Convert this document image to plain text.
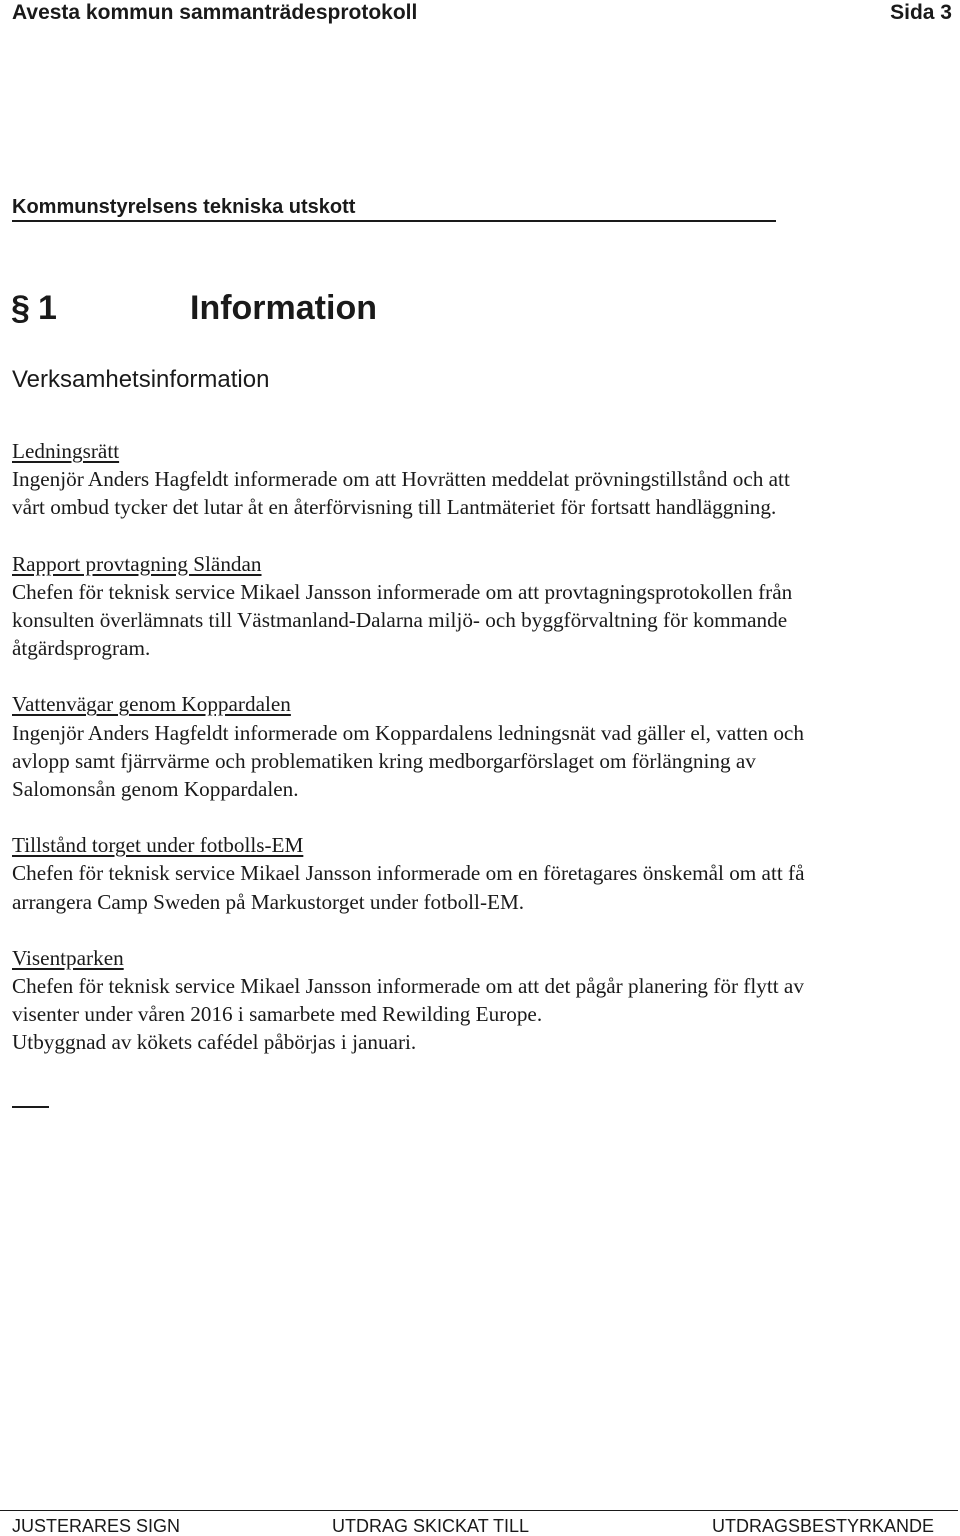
Avesta kommun sammanträdesprotokoll	Sida 3
Kommunstyrelsens tekniska utskott
§ 1	Information
Verksamhetsinformation
Ledningsrätt
Ingenjör Anders Hagfeldt informerade om att Hovrätten meddelat prövningstillstånd och att
vårt ombud tycker det lutar åt en återförvisning till Lantmäteriet för fortsatt handläggning.
Rapport provtagning Sländan
Chefen för teknisk service Mikael Jansson informerade om att provtagningsprotokollen från
konsulten överlämnats till Västmanland-Dalarna miljö- och byggförvaltning för kommande
åtgärdsprogram.
Vattenvägar genom Koppardalen
Ingenjör Anders Hagfeldt informerade om Koppardalens ledningsnät vad gäller el, vatten och
avlopp samt fjärrvärme och problematiken kring medborgarförslaget om förlängning av
Salomonsån genom Koppardalen.
Tillstånd torget under fotbolls-EM
Chefen för teknisk service Mikael Jansson informerade om en företagares önskemål om att få
arrangera Camp Sweden på Markustorget under fotboll-EM.
Visentparken
Chefen för teknisk service Mikael Jansson informerade om att det pågår planering för flytt av
visenter under våren 2016 i samarbete med Rewilding Europe.
Utbyggnad av kökets cafédel påbörjas i januari.
JUSTERARES SIGN	UTDRAG SKICKAT TILL	UTDRAGSBESTYRKANDE
